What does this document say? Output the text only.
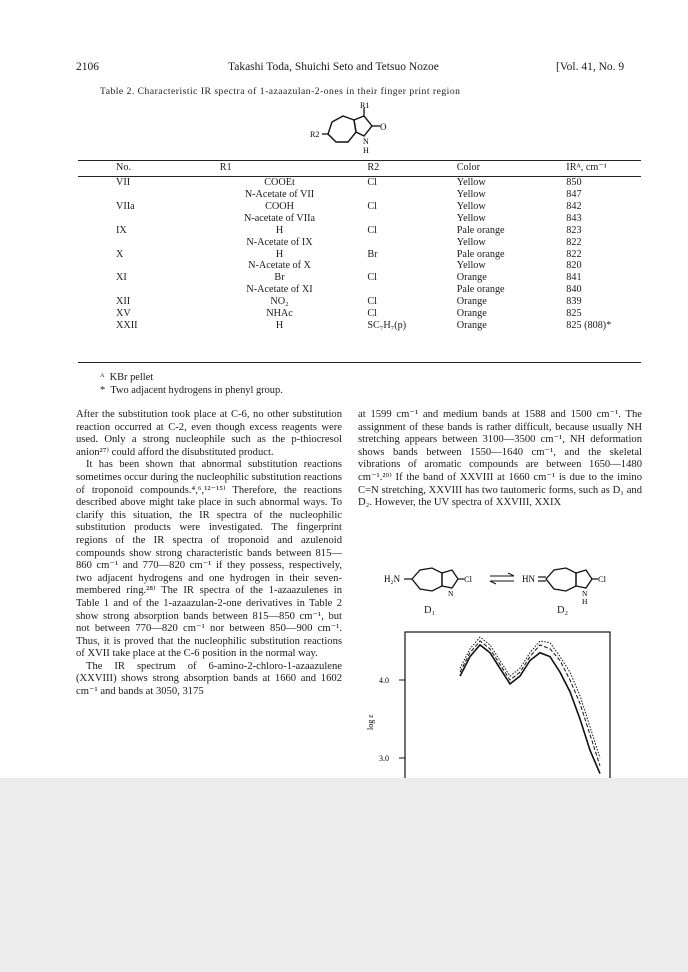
2106	Takashi Toda, Shuichi Seto and Tetsuo Nozoe	[Vol. 41, No. 9
Table 2. Characteristic IR spectra of 1-azaazulan-2-ones in their finger print region
R1
R2
O
N
H
No.	R1	R2	Color	IRᴬ, cm⁻¹
VII	COOEt	Cl	Yellow	850
	N-Acetate of VII		Yellow	847
VIIa	COOH	Cl	Yellow	842
	N-acetate of VIIa		Yellow	843
IX	H	Cl	Pale orange	823
	N-Acetate of IX		Yellow	822
X	H	Br	Pale orange	822
	N-Acetate of X		Yellow	820
XI	Br	Cl	Orange	841
	N-Acetate of XI		Pale orange	840
XII	NO₂	Cl	Orange	839
XV	NHAc	Cl	Orange	825
XXII	H	SC₇H₇(p)	Orange	825 (808)*
ᴬ  KBr pellet
*  Two adjacent hydrogens in phenyl group.

After the substitution took place at C-6, no other substitution reaction occurred at C-2, even though excess reagents were used. Only a strong nucleophile such as the p-thiocresol anion²⁷⁾ could afford the disubstituted product.

It has been shown that abnormal substitution reactions sometimes occur during the nucleophilic substitution reactions of troponoid compounds.⁴,⁶,¹²⁻¹⁵⁾ Therefore, the reactions described above might take place in such abnormal ways. To clarify this situation, the IR spectra of the nucleophilic substitution products were investigated. The fingerprint regions of the IR spectra of troponoid and azulenoid compounds show strong characteristic bands between 815—860 cm⁻¹ and 770—820 cm⁻¹ if they possess, respectively, two adjacent hydrogens and one hydrogen in their seven-membered ring.²⁸⁾ The IR spectra of the 1-azaazulenes in Table 1 and of the 1-azaazulan-2-one derivatives in Table 2 show strong absorption bands between 815—850 cm⁻¹, but not between 770—820 cm⁻¹ nor between 850—900 cm⁻¹. Thus, it is proved that the nucleophilic substitution reactions of XVII take place at the C-6 position in the normal way.

The IR spectrum of 6-amino-2-chloro-1-azaazulene (XXVIII) shows strong absorption bands at 1660 and 1602 cm⁻¹ and bands at 3050, 3175

at 1599 cm⁻¹ and medium bands at 1588 and 1500 cm⁻¹. The assignment of these bands is rather difficult, because usually NH stretching appears between 3100—3500 cm⁻¹, NH deformation shows bands between 1550—1640 cm⁻¹, and the skeletal vibrations of aromatic compounds are between 1650—1480 cm⁻¹.²⁹⁾ If the band of XXVIII at 1660 cm⁻¹ is due to the imino C=N stretching, XXVIII has two tautomeric forms, such as D₁ and D₂. However, the UV spectra of XXVIII, XXIX

H₂N	Cl
N
HN	Cl
N
H
D₁	D₂
4.0
3.0
log ε
